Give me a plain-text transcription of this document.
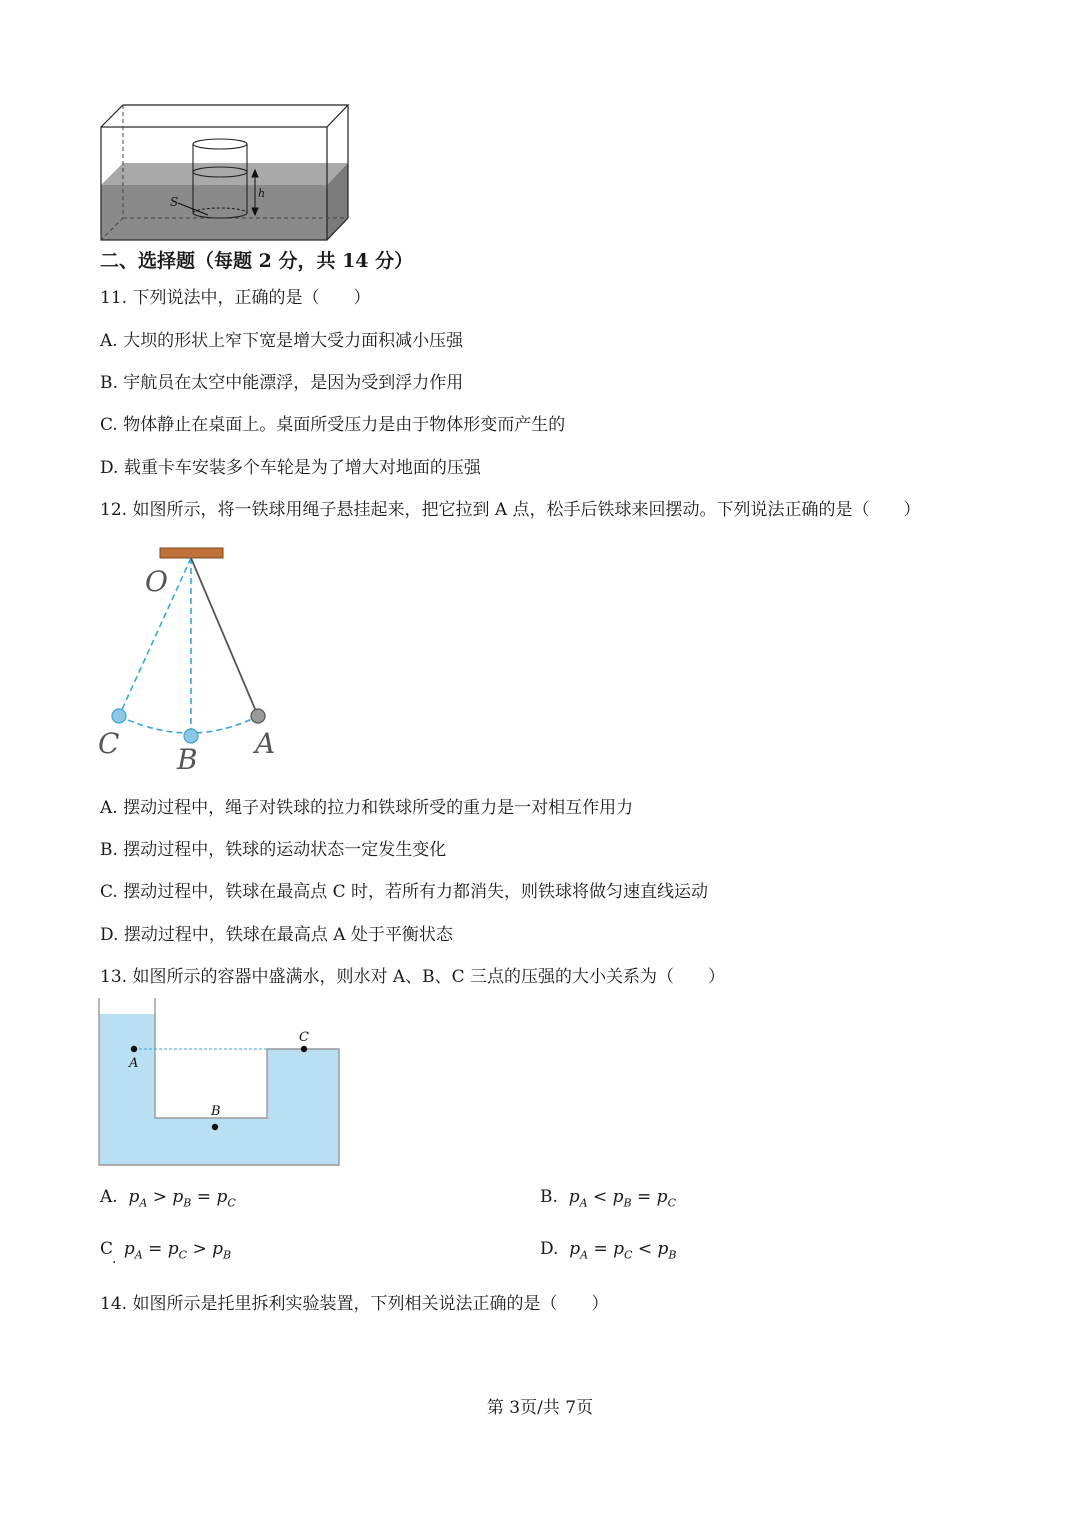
h
S
二、选择题（每题 2 分，共 14 分）
11. 下列说法中，正确的是（　　）
A. 大坝的形状上窄下宽是增大受力面积减小压强
B. 宇航员在太空中能漂浮，是因为受到浮力作用
C. 物体静止在桌面上。桌面所受压力是由于物体形变而产生的
D. 载重卡车安装多个车轮是为了增大对地面的压强
12. 如图所示，将一铁球用绳子悬挂起来，把它拉到 A 点，松手后铁球来回摆动。下列说法正确的是（　　）
O
C B A
A. 摆动过程中，绳子对铁球的拉力和铁球所受的重力是一对相互作用力
B. 摆动过程中，铁球的运动状态一定发生变化
C. 摆动过程中，铁球在最高点 C 时，若所有力都消失，则铁球将做匀速直线运动
D. 摆动过程中，铁球在最高点 A 处于平衡状态
13. 如图所示的容器中盛满水，则水对 A、B、C 三点的压强的大小关系为（　　）
A
B
C
A. $p_A > p_B = p_C$	B. $p_A < p_B = p_C$
C $p_A = p_C > p_B$	D. $p_A = p_C < p_B$
·
14. 如图所示是托里拆利实验装置，下列相关说法正确的是（　　）
第 3页/共 7页
